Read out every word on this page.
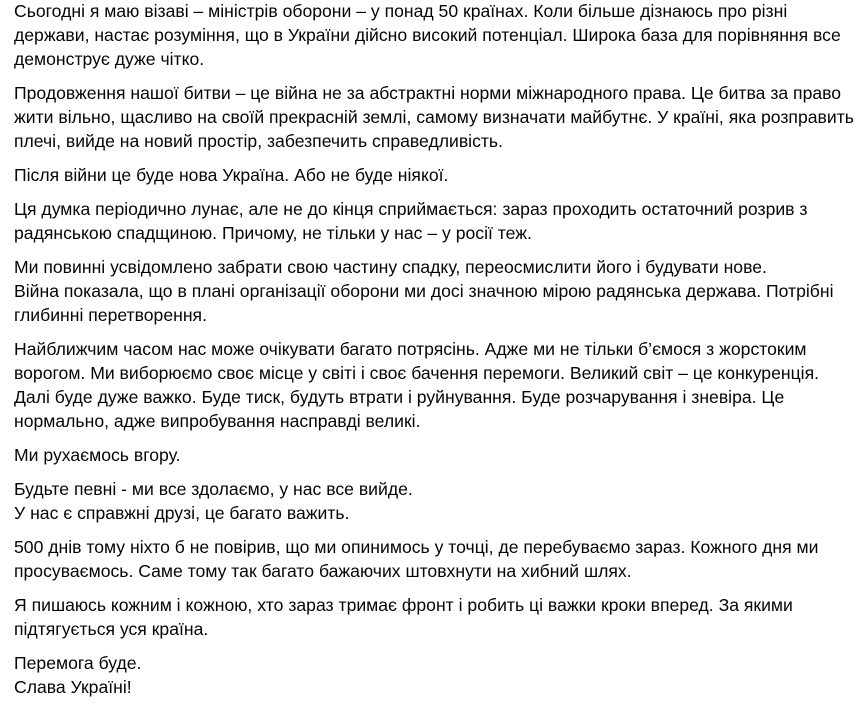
Сьогодні я маю візаві – міністрів оборони – у понад 50 країнах. Коли більше дізнаюсь про різні
держави, настає розуміння, що в України дійсно високий потенціал. Широка база для порівняння все
демонструє дуже чітко.

Продовження нашої битви – це війна не за абстрактні норми міжнародного права. Це битва за право
жити вільно, щасливо на своїй прекрасній землі, самому визначати майбутнє. У країні, яка розправить
плечі, вийде на новий простір, забезпечить справедливість.

Після війни це буде нова Україна. Або не буде ніякої.

Ця думка періодично лунає, але не до кінця сприймається: зараз проходить остаточний розрив з
радянською спадщиною. Причому, не тільки у нас – у росії теж.

Ми повинні усвідомлено забрати свою частину спадку, переосмислити його і будувати нове.
Війна показала, що в плані організації оборони ми досі значною мірою радянська держава. Потрібні
глибинні перетворення.

Найближчим часом нас може очікувати багато потрясінь. Адже ми не тільки б’ємося з жорстоким
ворогом. Ми виборюємо своє місце у світі і своє бачення перемоги. Великий світ – це конкуренція.
Далі буде дуже важко. Буде тиск, будуть втрати і руйнування. Буде розчарування і зневіра. Це
нормально, адже випробування насправді великі.

Ми рухаємось вгору.

Будьте певні - ми все здолаємо, у нас все вийде.
У нас є справжні друзі, це багато важить.

500 днів тому ніхто б не повірив, що ми опинимось у точці, де перебуваємо зараз. Кожного дня ми
просуваємось. Саме тому так багато бажаючих штовхнути на хибний шлях.

Я пишаюсь кожним і кожною, хто зараз тримає фронт і робить ці важки кроки вперед. За якими
підтягується уся країна.

Перемога буде.
Слава Україні!
